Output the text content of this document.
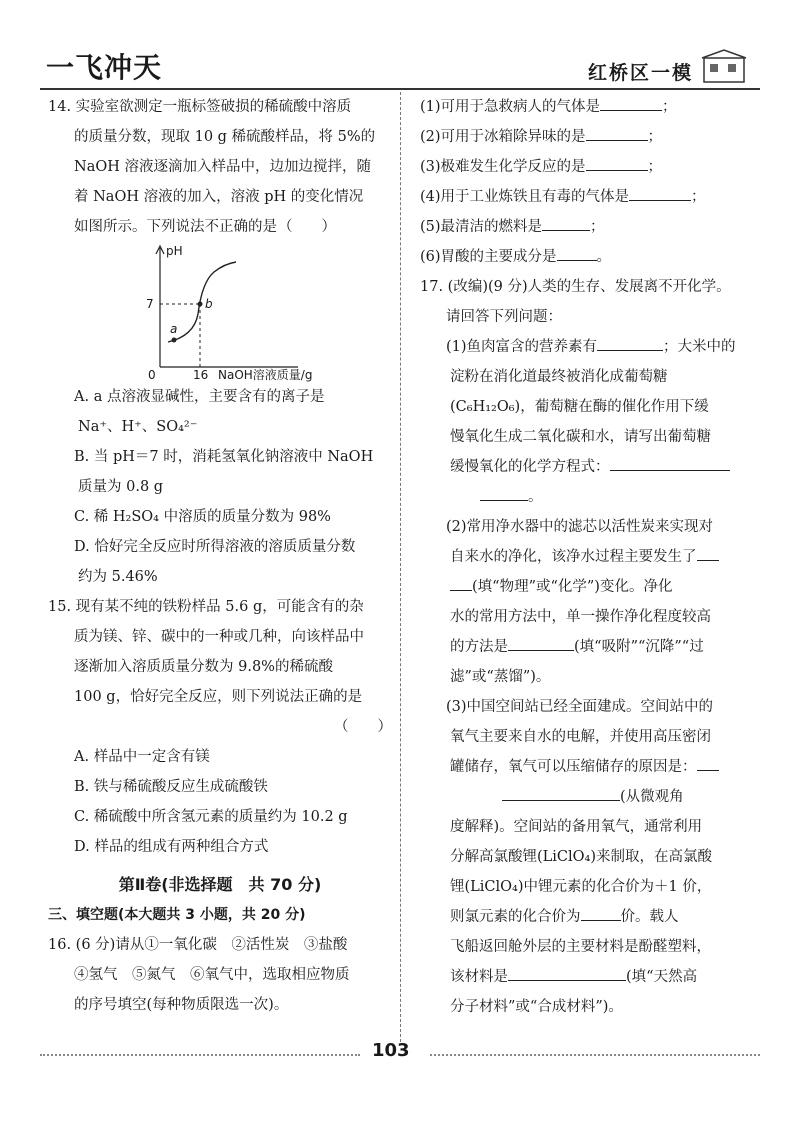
一飞冲天	红桥区一模

14. 实验室欲测定一瓶标签破损的稀硫酸中溶质

的质量分数，现取 10 g 稀硫酸样品，将 5%的

NaOH 溶液逐滴加入样品中，边加边搅拌，随

着 NaOH 溶液的加入，溶液 pH 的变化情况

如图所示。下列说法不正确的是（　　）

pH
7
0	16 NaOH溶液质量/g
a
b

A. a 点溶液显碱性，主要含有的离子是

Na⁺、H⁺、SO₄²⁻

B. 当 pH＝7 时，消耗氢氧化钠溶液中 NaOH

质量为 0.8 g

C. 稀 H₂SO₄ 中溶质的质量分数为 98%

D. 恰好完全反应时所得溶液的溶质质量分数

约为 5.46%

15. 现有某不纯的铁粉样品 5.6 g，可能含有的杂

质为镁、锌、碳中的一种或几种，向该样品中

逐渐加入溶质质量分数为 9.8%的稀硫酸

100 g，恰好完全反应，则下列说法正确的是

（　　）

A. 样品中一定含有镁

B. 铁与稀硫酸反应生成硫酸铁

C. 稀硫酸中所含氢元素的质量约为 10.2 g

D. 样品的组成有两种组合方式

第Ⅱ卷(非选择题　共 70 分)
三、填空题(本大题共 3 小题，共 20 分)

16. (6 分)请从①一氧化碳　②活性炭　③盐酸

④氢气　⑤氮气　⑥氧气中，选取相应物质

的序号填空(每种物质限选一次)。

(1)可用于急救病人的气体是	；

(2)可用于冰箱除异味的是	；

(3)极难发生化学反应的是	；

(4)用于工业炼铁且有毒的气体是	；

(5)最清洁的燃料是	；

(6)胃酸的主要成分是	。

17. (改编)(9 分)人类的生存、发展离不开化学。

请回答下列问题：

(1)鱼肉富含的营养素有	；大米中的

淀粉在消化道最终被消化成葡萄糖

(C₆H₁₂O₆)，葡萄糖在酶的催化作用下缓

慢氧化生成二氧化碳和水，请写出葡萄糖

缓慢氧化的化学方程式：

。

(2)常用净水器中的滤芯以活性炭来实现对

自来水的净化，该净水过程主要发生了

(填“物理”或“化学”)变化。净化

水的常用方法中，单一操作净化程度较高

的方法是	(填“吸附”“沉降”“过

滤”或“蒸馏”)。

(3)中国空间站已经全面建成。空间站中的

氧气主要来自水的电解，并使用高压密闭

罐储存，氧气可以压缩储存的原因是：

(从微观角

度解释)。空间站的备用氧气，通常利用

分解高氯酸锂(LiClO₄)来制取，在高氯酸

锂(LiClO₄)中锂元素的化合价为＋1 价，

则氯元素的化合价为	价。载人

飞船返回舱外层的主要材料是酚醛塑料，

该材料是	(填“天然高

分子材料”或“合成材料”)。

103
